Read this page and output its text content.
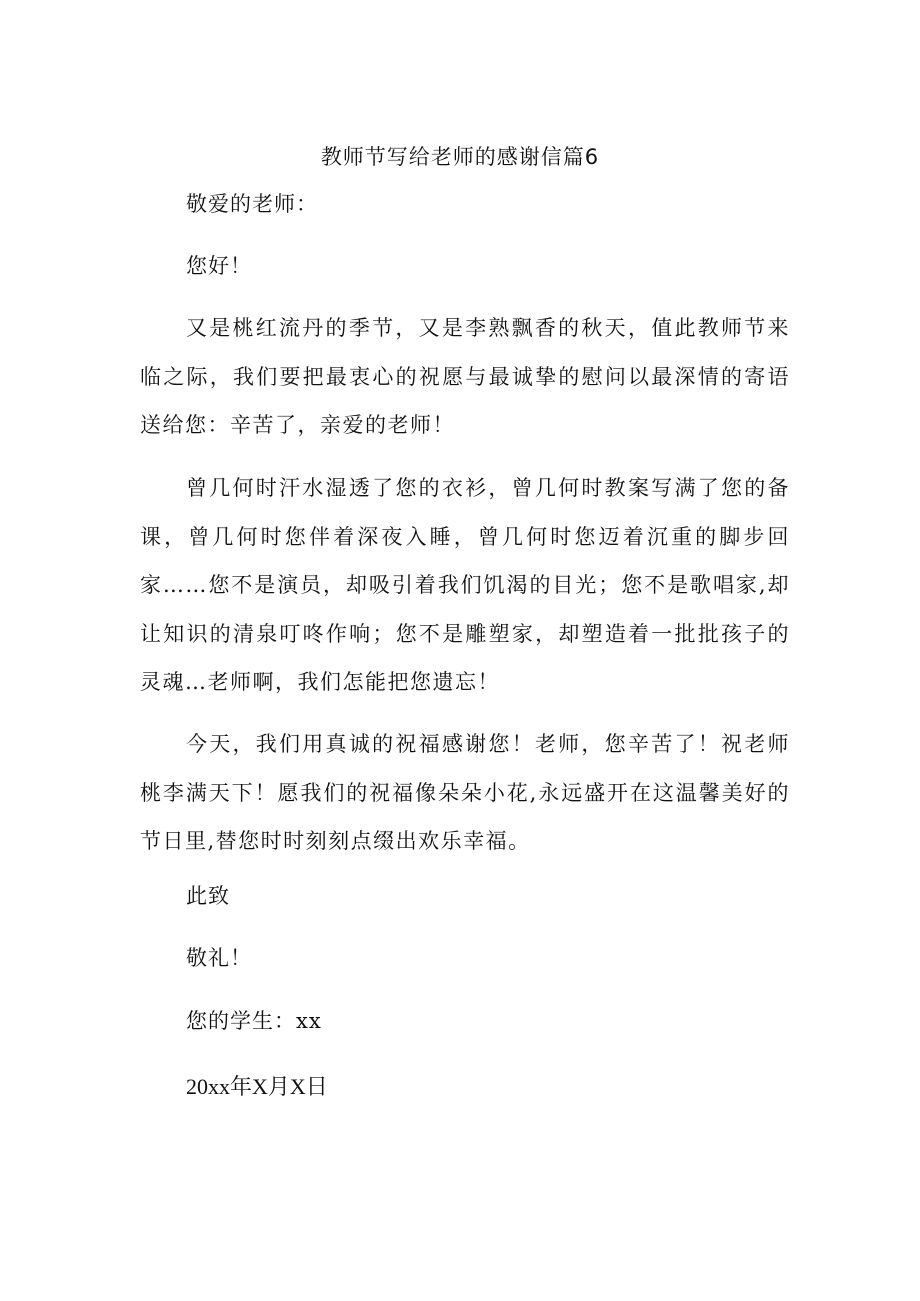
教师节写给老师的感谢信篇6
敬爱的老师：
您好！
又是桃红流丹的季节，又是李熟飘香的秋天，值此教师节来临之际，我们要把最衷心的祝愿与最诚挚的慰问以最深情的寄语送给您：辛苦了，亲爱的老师！
曾几何时汗水湿透了您的衣衫，曾几何时教案写满了您的备课，曾几何时您伴着深夜入睡，曾几何时您迈着沉重的脚步回家……您不是演员，却吸引着我们饥渴的目光；您不是歌唱家,却让知识的清泉叮咚作响；您不是雕塑家，却塑造着一批批孩子的灵魂…老师啊，我们怎能把您遗忘！
今天，我们用真诚的祝福感谢您！老师，您辛苦了！祝老师桃李满天下！愿我们的祝福像朵朵小花,永远盛开在这温馨美好的节日里,替您时时刻刻点缀出欢乐幸福。
此致
敬礼！
您的学生：xx
20xx年X月X日
